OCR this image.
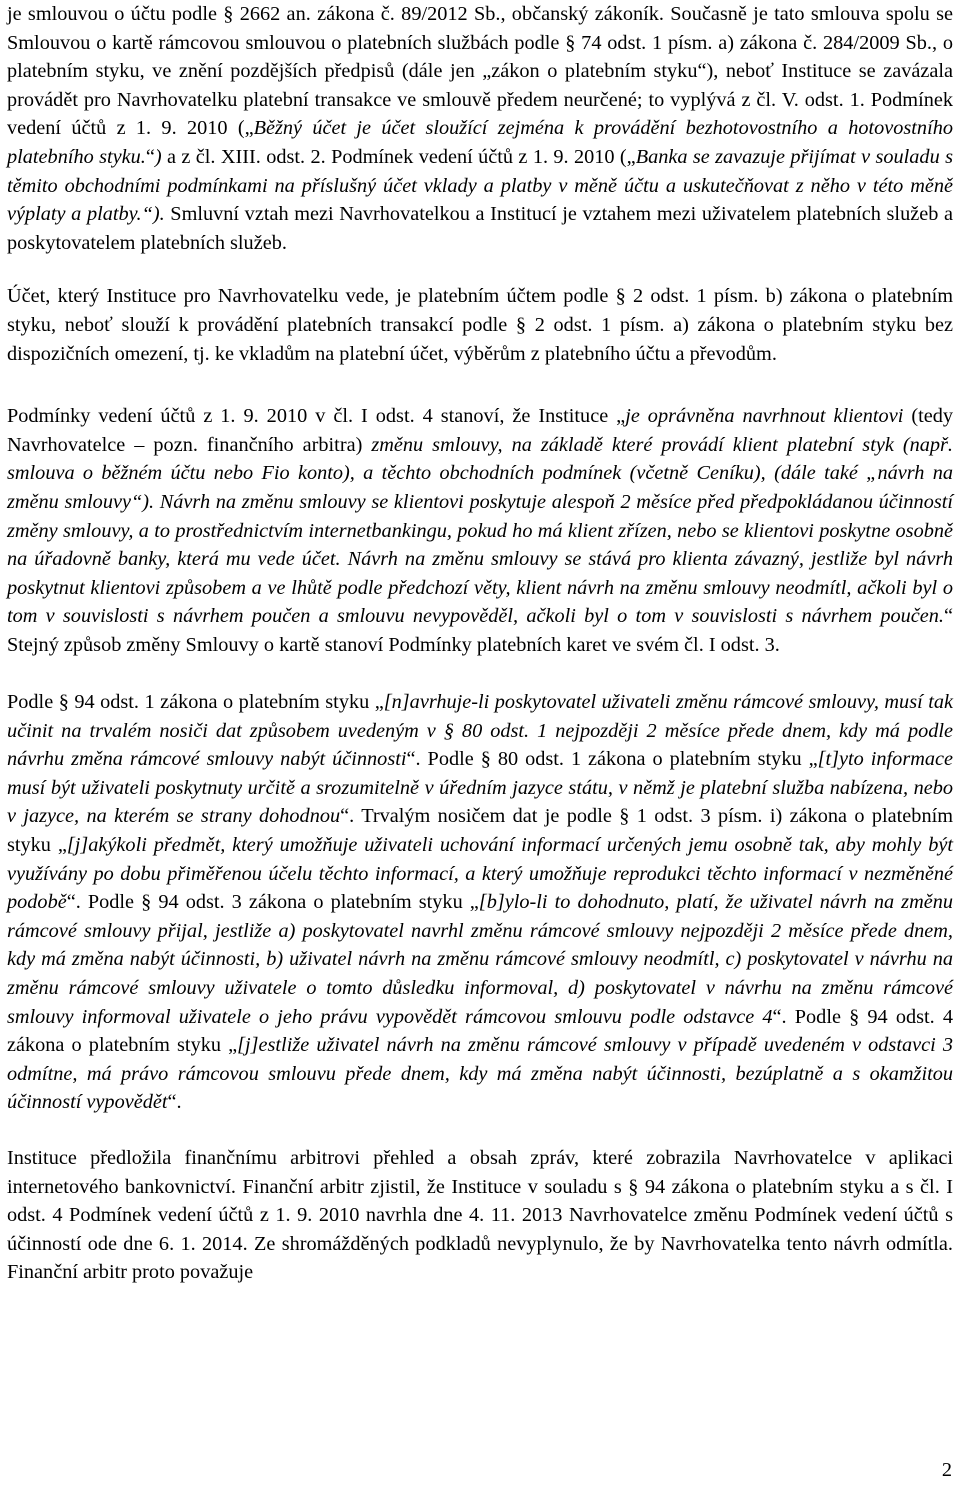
je smlouvou o účtu podle § 2662 an. zákona č. 89/2012 Sb., občanský zákoník. Současně je tato smlouva spolu se Smlouvou o kartě rámcovou smlouvou o platebních službách podle § 74 odst. 1 písm. a) zákona č. 284/2009 Sb., o platebním styku, ve znění pozdějších předpisů (dále jen „zákon o platebním styku“), neboť Instituce se zavázala provádět pro Navrhovatelku platební transakce ve smlouvě předem neurčené; to vyplývá z čl. V. odst. 1. Podmínek vedení účtů z 1. 9. 2010 („Běžný účet je účet sloužící zejména k provádění bezhotovostního a hotovostního platebního styku.“) a z čl. XIII. odst. 2. Podmínek vedení účtů z 1. 9. 2010 („Banka se zavazuje přijímat v souladu s těmito obchodními podmínkami na příslušný účet vklady a platby v měně účtu a uskutečňovat z něho v této měně výplaty a platby.“). Smluvní vztah mezi Navrhovatelkou a Institucí je vztahem mezi uživatelem platebních služeb a poskytovatelem platebních služeb.

Účet, který Instituce pro Navrhovatelku vede, je platebním účtem podle § 2 odst. 1 písm. b) zákona o platebním styku, neboť slouží k provádění platebních transakcí podle § 2 odst. 1 písm. a) zákona o platebním styku bez dispozičních omezení, tj. ke vkladům na platební účet, výběrům z platebního účtu a převodům.

Podmínky vedení účtů z 1. 9. 2010 v čl. I odst. 4 stanoví, že Instituce „je oprávněna navrhnout klientovi (tedy Navrhovatelce – pozn. finančního arbitra) změnu smlouvy, na základě které provádí klient platební styk (např. smlouva o běžném účtu nebo Fio konto), a těchto obchodních podmínek (včetně Ceníku), (dále také „návrh na změnu smlouvy“). Návrh na změnu smlouvy se klientovi poskytuje alespoň 2 měsíce před předpokládanou účinností změny smlouvy, a to prostřednictvím internetbankingu, pokud ho má klient zřízen, nebo se klientovi poskytne osobně na úřadovně banky, která mu vede účet. Návrh na změnu smlouvy se stává pro klienta závazný, jestliže byl návrh poskytnut klientovi způsobem a ve lhůtě podle předchozí věty, klient návrh na změnu smlouvy neodmítl, ačkoli byl o tom v souvislosti s návrhem poučen a smlouvu nevypověděl, ačkoli byl o tom v souvislosti s návrhem poučen.“ Stejný způsob změny Smlouvy o kartě stanoví Podmínky platebních karet ve svém čl. I odst. 3.

Podle § 94 odst. 1 zákona o platebním styku „[n]avrhuje-li poskytovatel uživateli změnu rámcové smlouvy, musí tak učinit na trvalém nosiči dat způsobem uvedeným v § 80 odst. 1 nejpozději 2 měsíce přede dnem, kdy má podle návrhu změna rámcové smlouvy nabýt účinnosti“. Podle § 80 odst. 1 zákona o platebním styku „[t]yto informace musí být uživateli poskytnuty určitě a srozumitelně v úředním jazyce státu, v němž je platební služba nabízena, nebo v jazyce, na kterém se strany dohodnou“. Trvalým nosičem dat je podle § 1 odst. 3 písm. i) zákona o platebním styku „[j]akýkoli předmět, který umožňuje uživateli uchování informací určených jemu osobně tak, aby mohly být využívány po dobu přiměřenou účelu těchto informací, a který umožňuje reprodukci těchto informací v nezměněné podobě“. Podle § 94 odst. 3 zákona o platebním styku „[b]ylo-li to dohodnuto, platí, že uživatel návrh na změnu rámcové smlouvy přijal, jestliže a) poskytovatel navrhl změnu rámcové smlouvy nejpozději 2 měsíce přede dnem, kdy má změna nabýt účinnosti, b) uživatel návrh na změnu rámcové smlouvy neodmítl, c) poskytovatel v návrhu na změnu rámcové smlouvy uživatele o tomto důsledku informoval, d) poskytovatel v návrhu na změnu rámcové smlouvy informoval uživatele o jeho právu vypovědět rámcovou smlouvu podle odstavce 4“. Podle § 94 odst. 4 zákona o platebním styku „[j]estliže uživatel návrh na změnu rámcové smlouvy v případě uvedeném v odstavci 3 odmítne, má právo rámcovou smlouvu přede dnem, kdy má změna nabýt účinnosti, bezúplatně a s okamžitou účinností vypovědět“.

Instituce předložila finančnímu arbitrovi přehled a obsah zpráv, které zobrazila Navrhovatelce v aplikaci internetového bankovnictví. Finanční arbitr zjistil, že Instituce v souladu s § 94 zákona o platebním styku a s čl. I odst. 4 Podmínek vedení účtů z 1. 9. 2010 navrhla dne 4. 11. 2013 Navrhovatelce změnu Podmínek vedení účtů s účinností ode dne 6. 1. 2014. Ze shromážděných podkladů nevyplynulo, že by Navrhovatelka tento návrh odmítla. Finanční arbitr proto považuje

2
